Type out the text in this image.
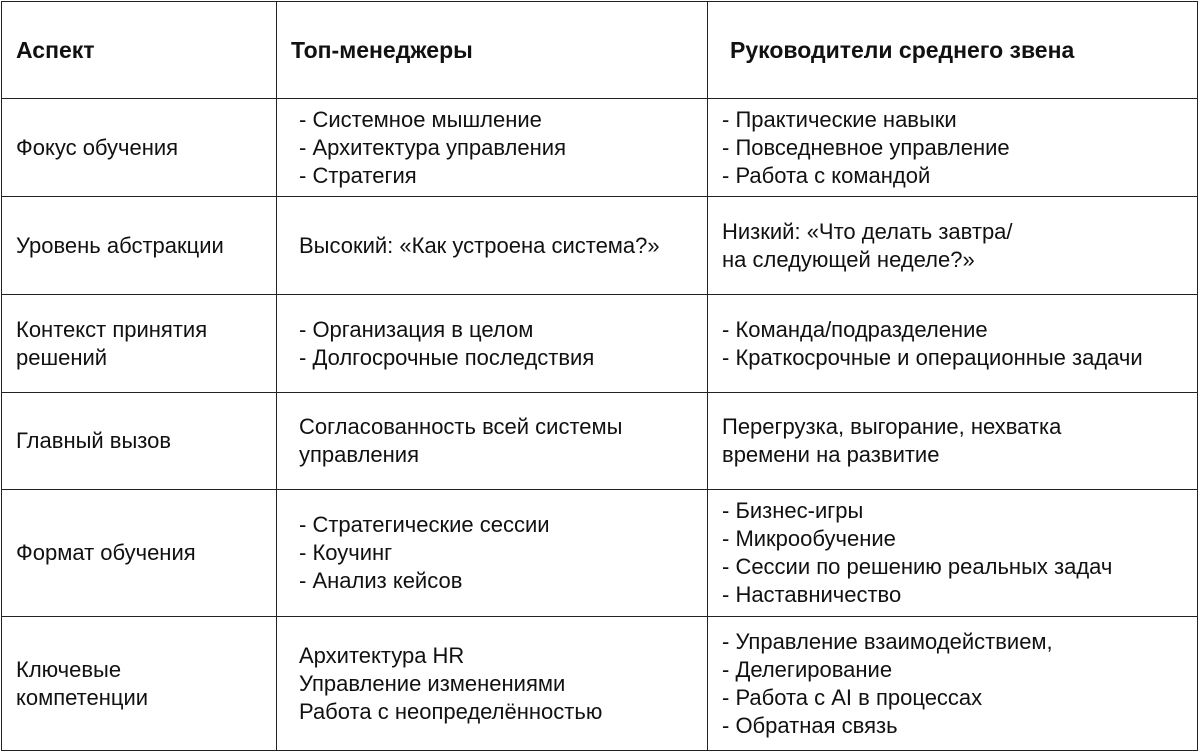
Аспект	Топ-менеджеры	Руководители среднего звена

Фокус обучения	- Системное мышление
- Архитектура управления
- Стратегия	- Практические навыки
- Повседневное управление
- Работа с командой

Уровень абстракции	Высокий: «Как устроена система?»	Низкий: «Что делать завтра/
на следующей неделе?»

Контекст принятия
решений	- Организация в целом
- Долгосрочные последствия	- Команда/подразделение
- Краткосрочные и операционные задачи

Главный вызов	Согласованность всей системы
управления	Перегрузка, выгорание, нехватка
времени на развитие

Формат обучения	- Стратегические сессии
- Коучинг
- Анализ кейсов	- Бизнес-игры
- Микрообучение
- Сессии по решению реальных задач
- Наставничество

Ключевые
компетенции	Архитектура HR
Управление изменениями
Работа с неопределённостью	- Управление взаимодействием,
- Делегирование
- Работа с AI в процессах
- Обратная связь
